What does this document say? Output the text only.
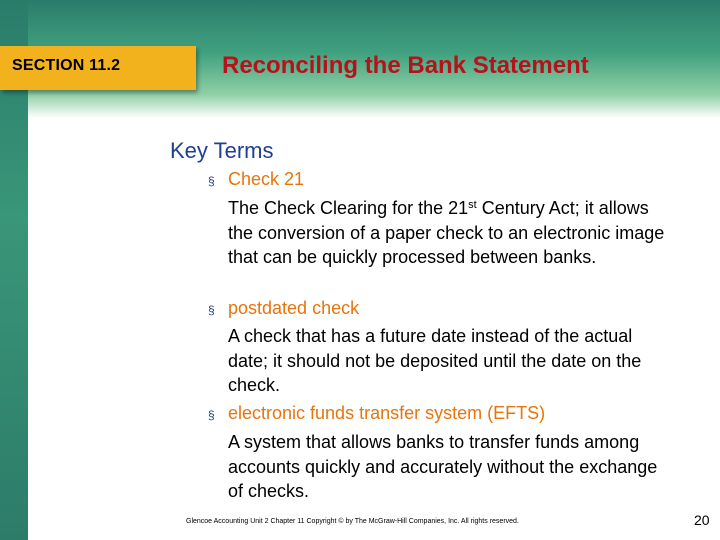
SECTION 11.2	Reconciling the Bank Statement
Key Terms
§ Check 21
The Check Clearing for the 21st Century Act; it allows the conversion of a paper check to an electronic image that can be quickly processed between banks.
§ postdated check
A check that has a future date instead of the actual date; it should not be deposited until the date on the check.
§ electronic funds transfer system (EFTS)
A system that allows banks to transfer funds among accounts quickly and accurately without the exchange of checks.
Glencoe Accounting Unit 2 Chapter 11 Copyright © by The McGraw-Hill Companies, Inc. All rights reserved.	20
